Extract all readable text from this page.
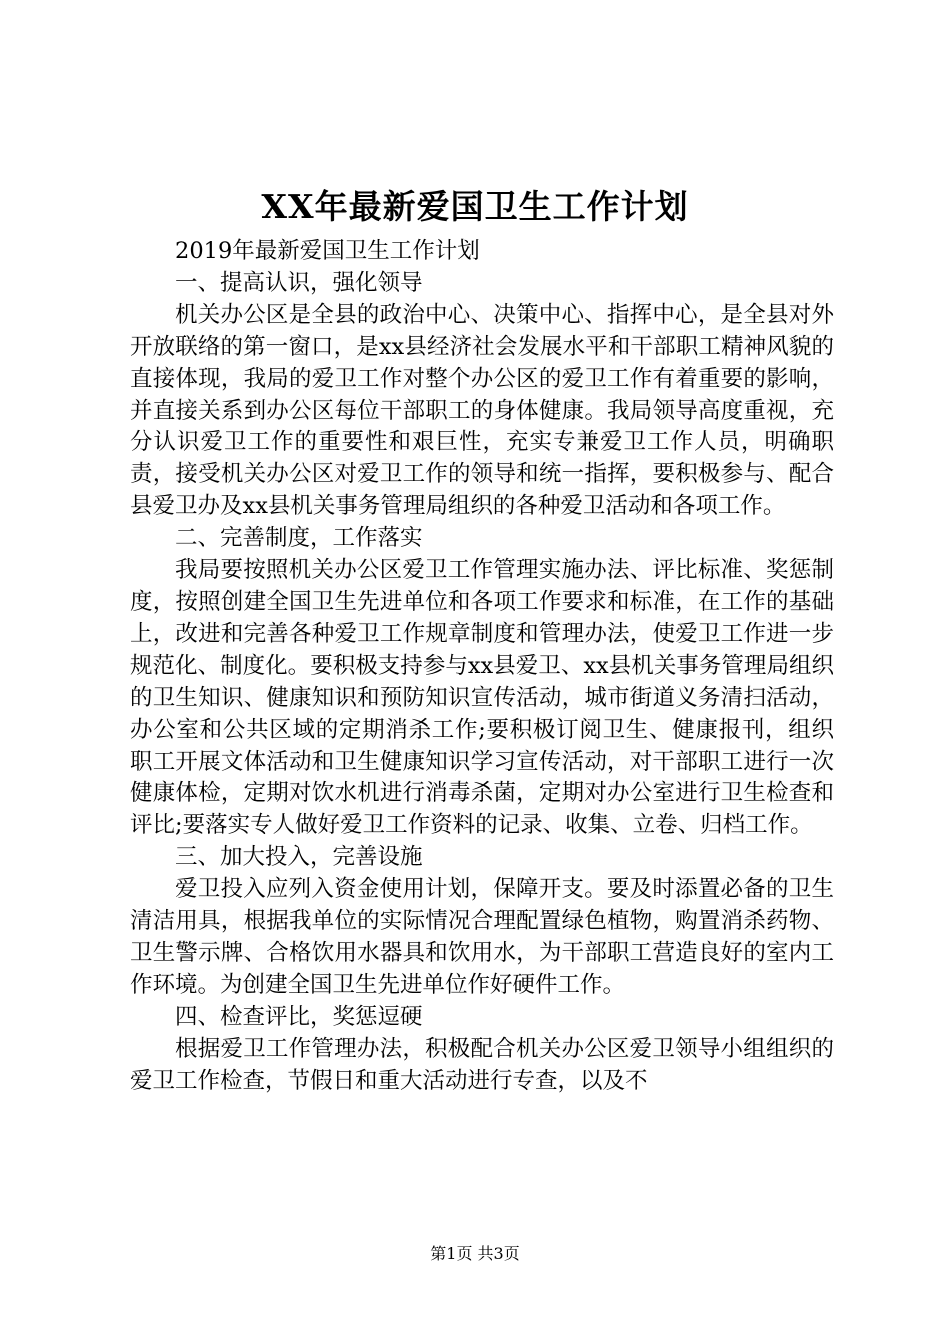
XX年最新爱国卫生工作计划

2019年最新爱国卫生工作计划

一、提高认识，强化领导

机关办公区是全县的政治中心、决策中心、指挥中心，是全县对外开放联络的第一窗口，是xx县经济社会发展水平和干部职工精神风貌的直接体现，我局的爱卫工作对整个办公区的爱卫工作有着重要的影响，并直接关系到办公区每位干部职工的身体健康。我局领导高度重视，充分认识爱卫工作的重要性和艰巨性，充实专兼爱卫工作人员，明确职责，接受机关办公区对爱卫工作的领导和统一指挥，要积极参与、配合县爱卫办及xx县机关事务管理局组织的各种爱卫活动和各项工作。

二、完善制度，工作落实

我局要按照机关办公区爱卫工作管理实施办法、评比标准、奖惩制度，按照创建全国卫生先进单位和各项工作要求和标准，在工作的基础上，改进和完善各种爱卫工作规章制度和管理办法，使爱卫工作进一步规范化、制度化。要积极支持参与xx县爱卫、xx县机关事务管理局组织的卫生知识、健康知识和预防知识宣传活动，城市街道义务清扫活动，办公室和公共区域的定期消杀工作;要积极订阅卫生、健康报刊，组织职工开展文体活动和卫生健康知识学习宣传活动，对干部职工进行一次健康体检，定期对饮水机进行消毒杀菌，定期对办公室进行卫生检查和评比;要落实专人做好爱卫工作资料的记录、收集、立卷、归档工作。

三、加大投入，完善设施

爱卫投入应列入资金使用计划，保障开支。要及时添置必备的卫生清洁用具，根据我单位的实际情况合理配置绿色植物，购置消杀药物、卫生警示牌、合格饮用水器具和饮用水，为干部职工营造良好的室内工作环境。为创建全国卫生先进单位作好硬件工作。

四、检查评比，奖惩逗硬

根据爱卫工作管理办法，积极配合机关办公区爱卫领导小组组织的爱卫工作检查，节假日和重大活动进行专查，以及不

第1页 共3页
